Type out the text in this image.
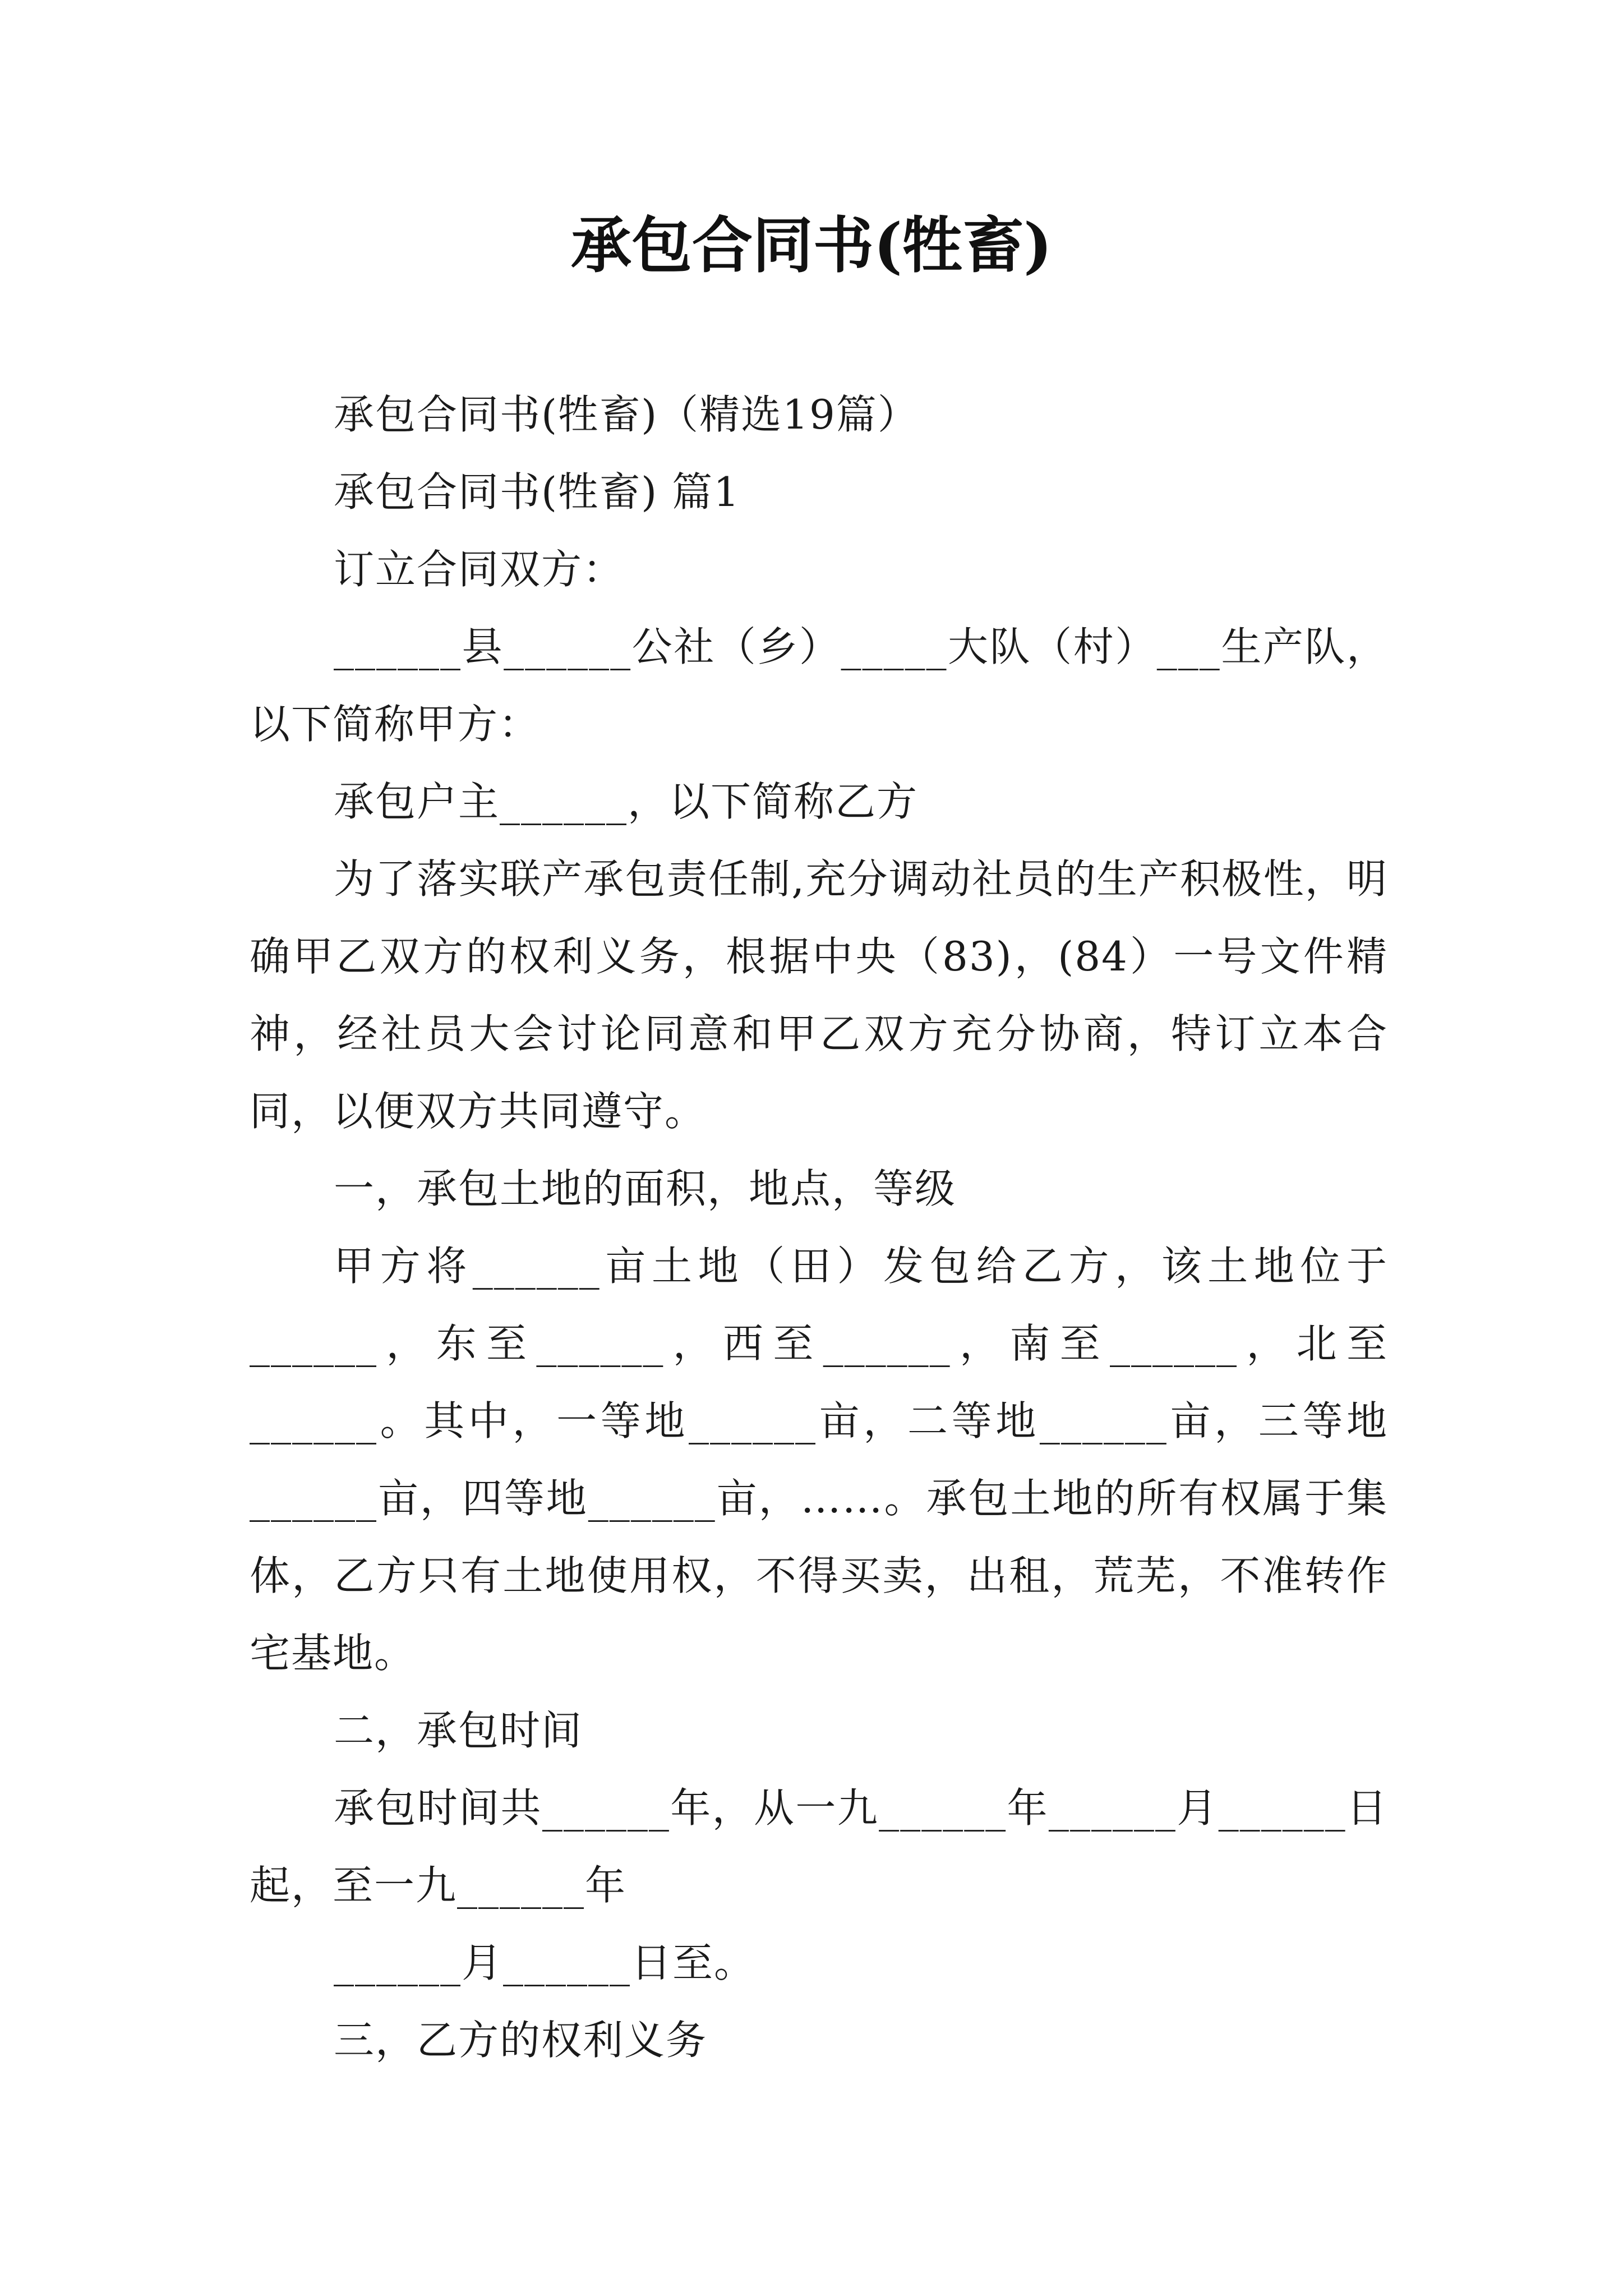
承包合同书(牲畜)

承包合同书(牲畜)（精选19篇）

承包合同书(牲畜) 篇1

订立合同双方：

______县______公社（乡）_____大队（村）___生产队，以下简称甲方：

承包户主______，以下简称乙方

为了落实联产承包责任制,充分调动社员的生产积极性，明确甲乙双方的权利义务，根据中央（83)，(84）一号文件精神，经社员大会讨论同意和甲乙双方充分协商，特订立本合同，以便双方共同遵守。

一，承包土地的面积，地点，等级

甲方将______亩土地（田）发包给乙方，该土地位于______，东至______，西至______，南至______，北至______。其中，一等地______亩，二等地______亩，三等地______亩，四等地______亩，……。承包土地的所有权属于集体，乙方只有土地使用权，不得买卖，出租，荒芜，不准转作宅基地。

二，承包时间

承包时间共______年，从一九______年______月______日起，至一九______年

______月______日至。

三，乙方的权利义务
